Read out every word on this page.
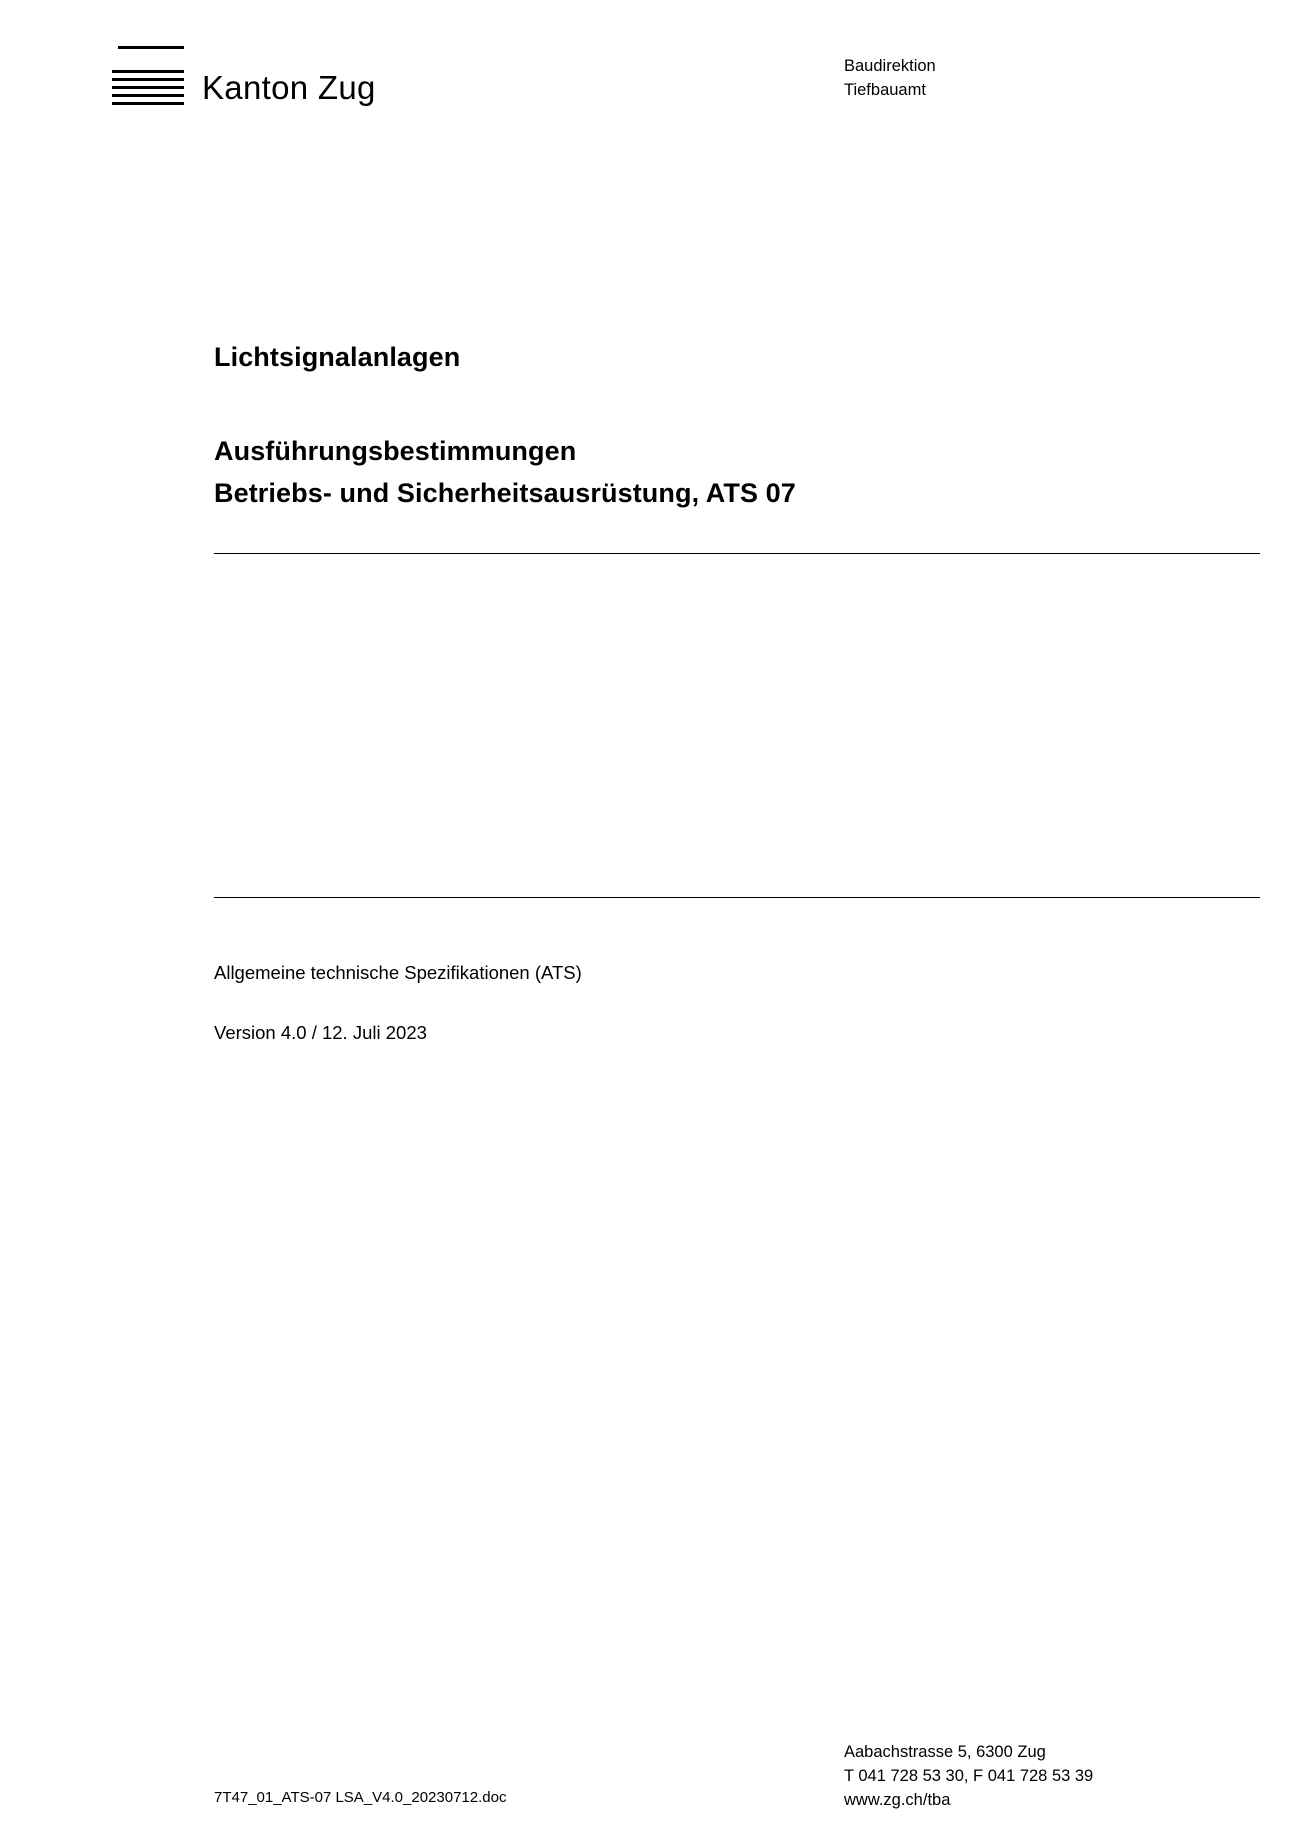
Kanton Zug
Baudirektion
Tiefbauamt
Lichtsignalanlagen
Ausführungsbestimmungen
Betriebs- und Sicherheitsausrüstung, ATS 07
Allgemeine technische Spezifikationen (ATS)
Version 4.0 / 12. Juli 2023
7T47_01_ATS-07 LSA_V4.0_20230712.doc
Aabachstrasse 5, 6300 Zug
T 041 728 53 30, F 041 728 53 39
www.zg.ch/tba
